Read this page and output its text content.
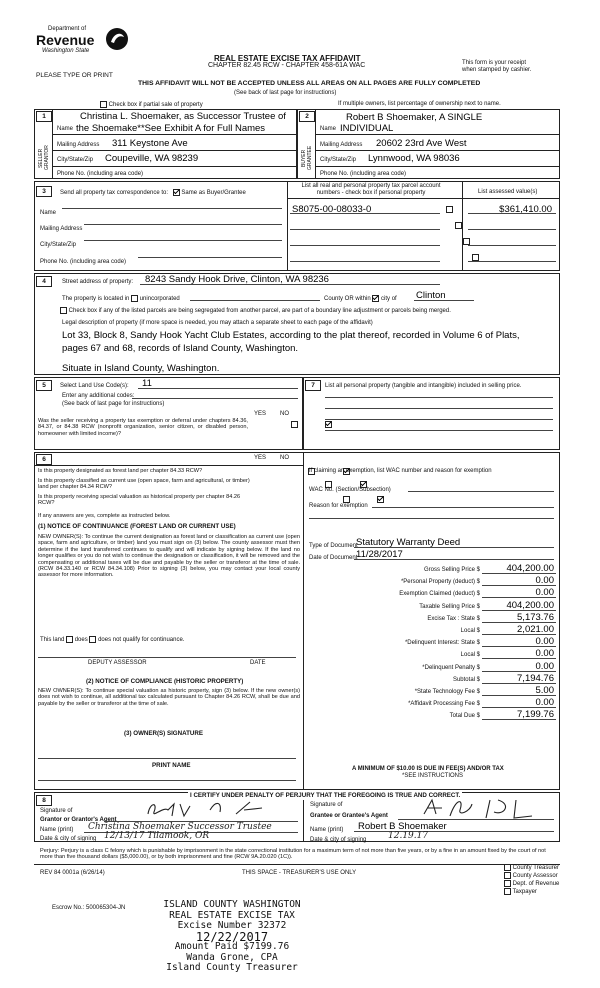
Department of
Revenue
Washington State
PLEASE TYPE OR PRINT
REAL ESTATE EXCISE TAX AFFIDAVIT
CHAPTER 82.45 RCW - CHAPTER 458-61A WAC	This form is your receipt
when stamped by cashier.
THIS AFFIDAVIT WILL NOT BE ACCEPTED UNLESS ALL AREAS ON ALL PAGES ARE FULLY COMPLETED
(See back of last page for instructions)
Check box if partial sale of property	If multiple owners, list percentage of ownership next to name.
1	2
SELLER GRANTOR	BUYER GRANTEE
Christina L. Shoemaker, as Successor Trustee of
Name the Shoemake**See Exhibit A for Full Names
Mailing Address 311 Keystone Ave
City/State/Zip Coupeville, WA 98239
Phone No. (including area code)
Robert B Shoemaker, A SINGLE
Name INDIVIDUAL
Mailing Address 20602 23rd Ave West
City/State/Zip Lynnwood, WA 98036
Phone No. (including area code)
3	Send all property tax correspondence to: Same as Buyer/Grantee
List all real and personal property tax parcel account numbers - check box if personal property	List assessed value(s)
Name
Mailing Address
City/State/Zip
Phone No. (including area code)
S8075-00-08033-0
	$361,410.00
4	Street address of property: 8243 Sandy Hook Drive, Clinton, WA 98236
The property is located in unincorporated	County OR within city of Clinton
Check box if any of the listed parcels are being segregated from another parcel, are part of a boundary line adjustment or parcels being merged.
Legal description of property (if more space is needed, you may attach a separate sheet to each page of the affidavit)
Lot 33, Block 8, Sandy Hook Yacht Club Estates, according to the plat thereof, recorded in Volume 6 of Plats,
pages 67 and 68, records of Island County, Washington.
Situate in Island County, Washington.
5	Select Land Use Code(s): 11
Enter any additional codes:
(See back of last page for instructions)
YES NO
Was the seller receiving a property tax exemption or deferral under chapters 84.36, 84.37, or 84.38 RCW (nonprofit organization, senior citizen, or disabled person, homeowner with limited income)?

7	List all personal property (tangible and intangible) included in selling price.
6	YES NO
Is this property designated as forest land per chapter 84.33 RCW?

Is this property classified as current use (open space, farm and agricultural, or timber) land per chapter 84.34 RCW?

Is this property receiving special valuation as historical property per chapter 84.26 RCW?

If any answers are yes, complete as instructed below.
(1) NOTICE OF CONTINUANCE (FOREST LAND OR CURRENT USE)
NEW OWNER(S): To continue the current designation as forest land or classification as current use (open space, farm and agriculture, or timber) land you must sign on (3) below. The county assessor must then determine if the land transferred continues to qualify and will indicate by signing below. If the land no longer qualifies or you do not wish to continue the designation or classification, it will be removed and the compensating or additional taxes will be due and payable by the seller or transferor at the time of sale. (RCW 84.33.140 or RCW 84.34.108) Prior to signing (3) below, you may contact your local county assessor for more information.
This land does does not qualify for continuance.
DEPUTY ASSESSOR	DATE
(2) NOTICE OF COMPLIANCE (HISTORIC PROPERTY)
NEW OWNER(S): To continue special valuation as historic property, sign (3) below. If the new owner(s) does not wish to continue, all additional tax calculated pursuant to Chapter 84.26 RCW, shall be due and payable by the seller or transferor at the time of sale.
(3) OWNER(S) SIGNATURE
PRINT NAME
If claiming an exemption, list WAC number and reason for exemption
WAC No. (Section/Subsection)
Reason for exemption
Type of Document
Statutory Warranty Deed
Date of Document
11/28/2017
Gross Selling Price $	404,200.00
*Personal Property (deduct) $	0.00
Exemption Claimed (deduct) $	0.00
Taxable Selling Price $	404,200.00
Excise Tax : State $	5,173.76
Local $	2,021.00
*Delinquent Interest: State $	0.00
Local $	0.00
*Delinquent Penalty $	0.00
Subtotal $	7,194.76
*State Technology Fee $	5.00
*Affidavit Processing Fee $	0.00
Total Due $	7,199.76
A MINIMUM OF $10.00 IS DUE IN FEE(S) AND/OR TAX
*SEE INSTRUCTIONS
8
I CERTIFY UNDER PENALTY OF PERJURY THAT THE FOREGOING IS TRUE AND CORRECT.
Signature of
Grantor or Grantor's Agent
Name (print) Christina Shoemaker Successor Trustee
Date & city of signing 12/13/17 Tilamook, OR
Signature of
Grantee or Grantee's Agent
Name (print) Robert B Shoemaker
Date & city of signing 12.19.17
Perjury: Perjury is a class C felony which is punishable by imprisonment in the state correctional institution for a maximum term of not more than five years, or by a fine in an amount fixed by the court of not more than five thousand dollars ($5,000.00), or by both imprisonment and fine (RCW 9A.20.020 (1C)).
REV 84 0001a (6/26/14)	THIS SPACE - TREASURER'S USE ONLY
County Treasurer
County Assessor
Dept. of Revenue
Taxpayer
Escrow No.: 500065304-JN	ISLAND COUNTY WASHINGTON
REAL ESTATE EXCISE TAX
Excise Number 32372
12/22/2017
Amount Paid $7199.76
Wanda Grone, CPA
Island County Treasurer
